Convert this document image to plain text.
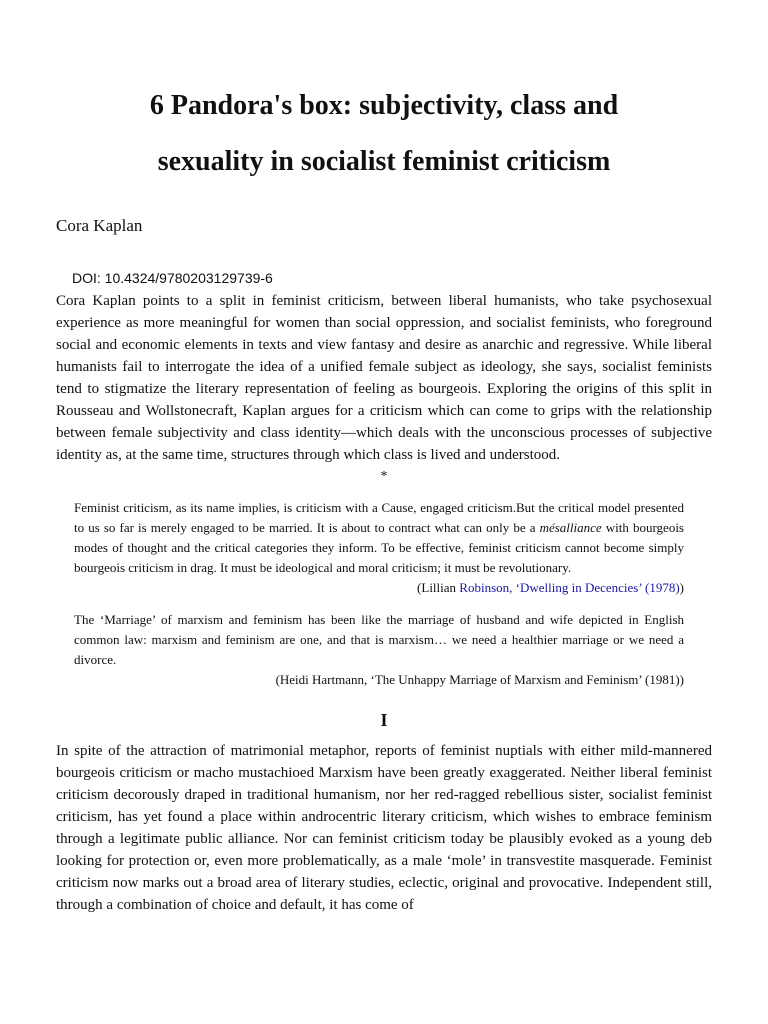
6 Pandora's box: subjectivity, class and
sexuality in socialist feminist criticism
Cora Kaplan
DOI: 10.4324/9780203129739-6

Cora Kaplan points to a split in feminist criticism, between liberal humanists, who take psychosexual experience as more meaningful for women than social oppression, and socialist feminists, who foreground social and economic elements in texts and view fantasy and desire as anarchic and regressive. While liberal humanists fail to interrogate the idea of a unified female subject as ideology, she says, socialist feminists tend to stigmatize the literary representation of feeling as bourgeois. Exploring the origins of this split in Rousseau and Wollstonecraft, Kaplan argues for a criticism which can come to grips with the relationship between female subjectivity and class identity—which deals with the unconscious processes of subjective identity as, at the same time, structures through which class is lived and understood.

*

Feminist criticism, as its name implies, is criticism with a Cause, engaged criticism.But the critical model presented to us so far is merely engaged to be married. It is about to contract what can only be a mésalliance with bourgeois modes of thought and the critical categories they inform. To be effective, feminist criticism cannot become simply bourgeois criticism in drag. It must be ideological and moral criticism; it must be revolutionary.

(Lillian Robinson, ‘Dwelling in Decencies’ (1978))

The ‘Marriage’ of marxism and feminism has been like the marriage of husband and wife depicted in English common law: marxism and feminism are one, and that is marxism… we need a healthier marriage or we need a divorce.

(Heidi Hartmann, ‘The Unhappy Marriage of Marxism and Feminism’ (1981))

I

In spite of the attraction of matrimonial metaphor, reports of feminist nuptials with either mild-mannered bourgeois criticism or macho mustachioed Marxism have been greatly exaggerated. Neither liberal feminist criticism decorously draped in traditional humanism, nor her red-ragged rebellious sister, socialist feminist criticism, has yet found a place within androcentric literary criticism, which wishes to embrace feminism through a legitimate public alliance. Nor can feminist criticism today be plausibly evoked as a young deb looking for protection or, even more problematically, as a male ‘mole’ in transvestite masquerade. Feminist criticism now marks out a broad area of literary studies, eclectic, original and provocative. Independent still, through a combination of choice and default, it has come of
